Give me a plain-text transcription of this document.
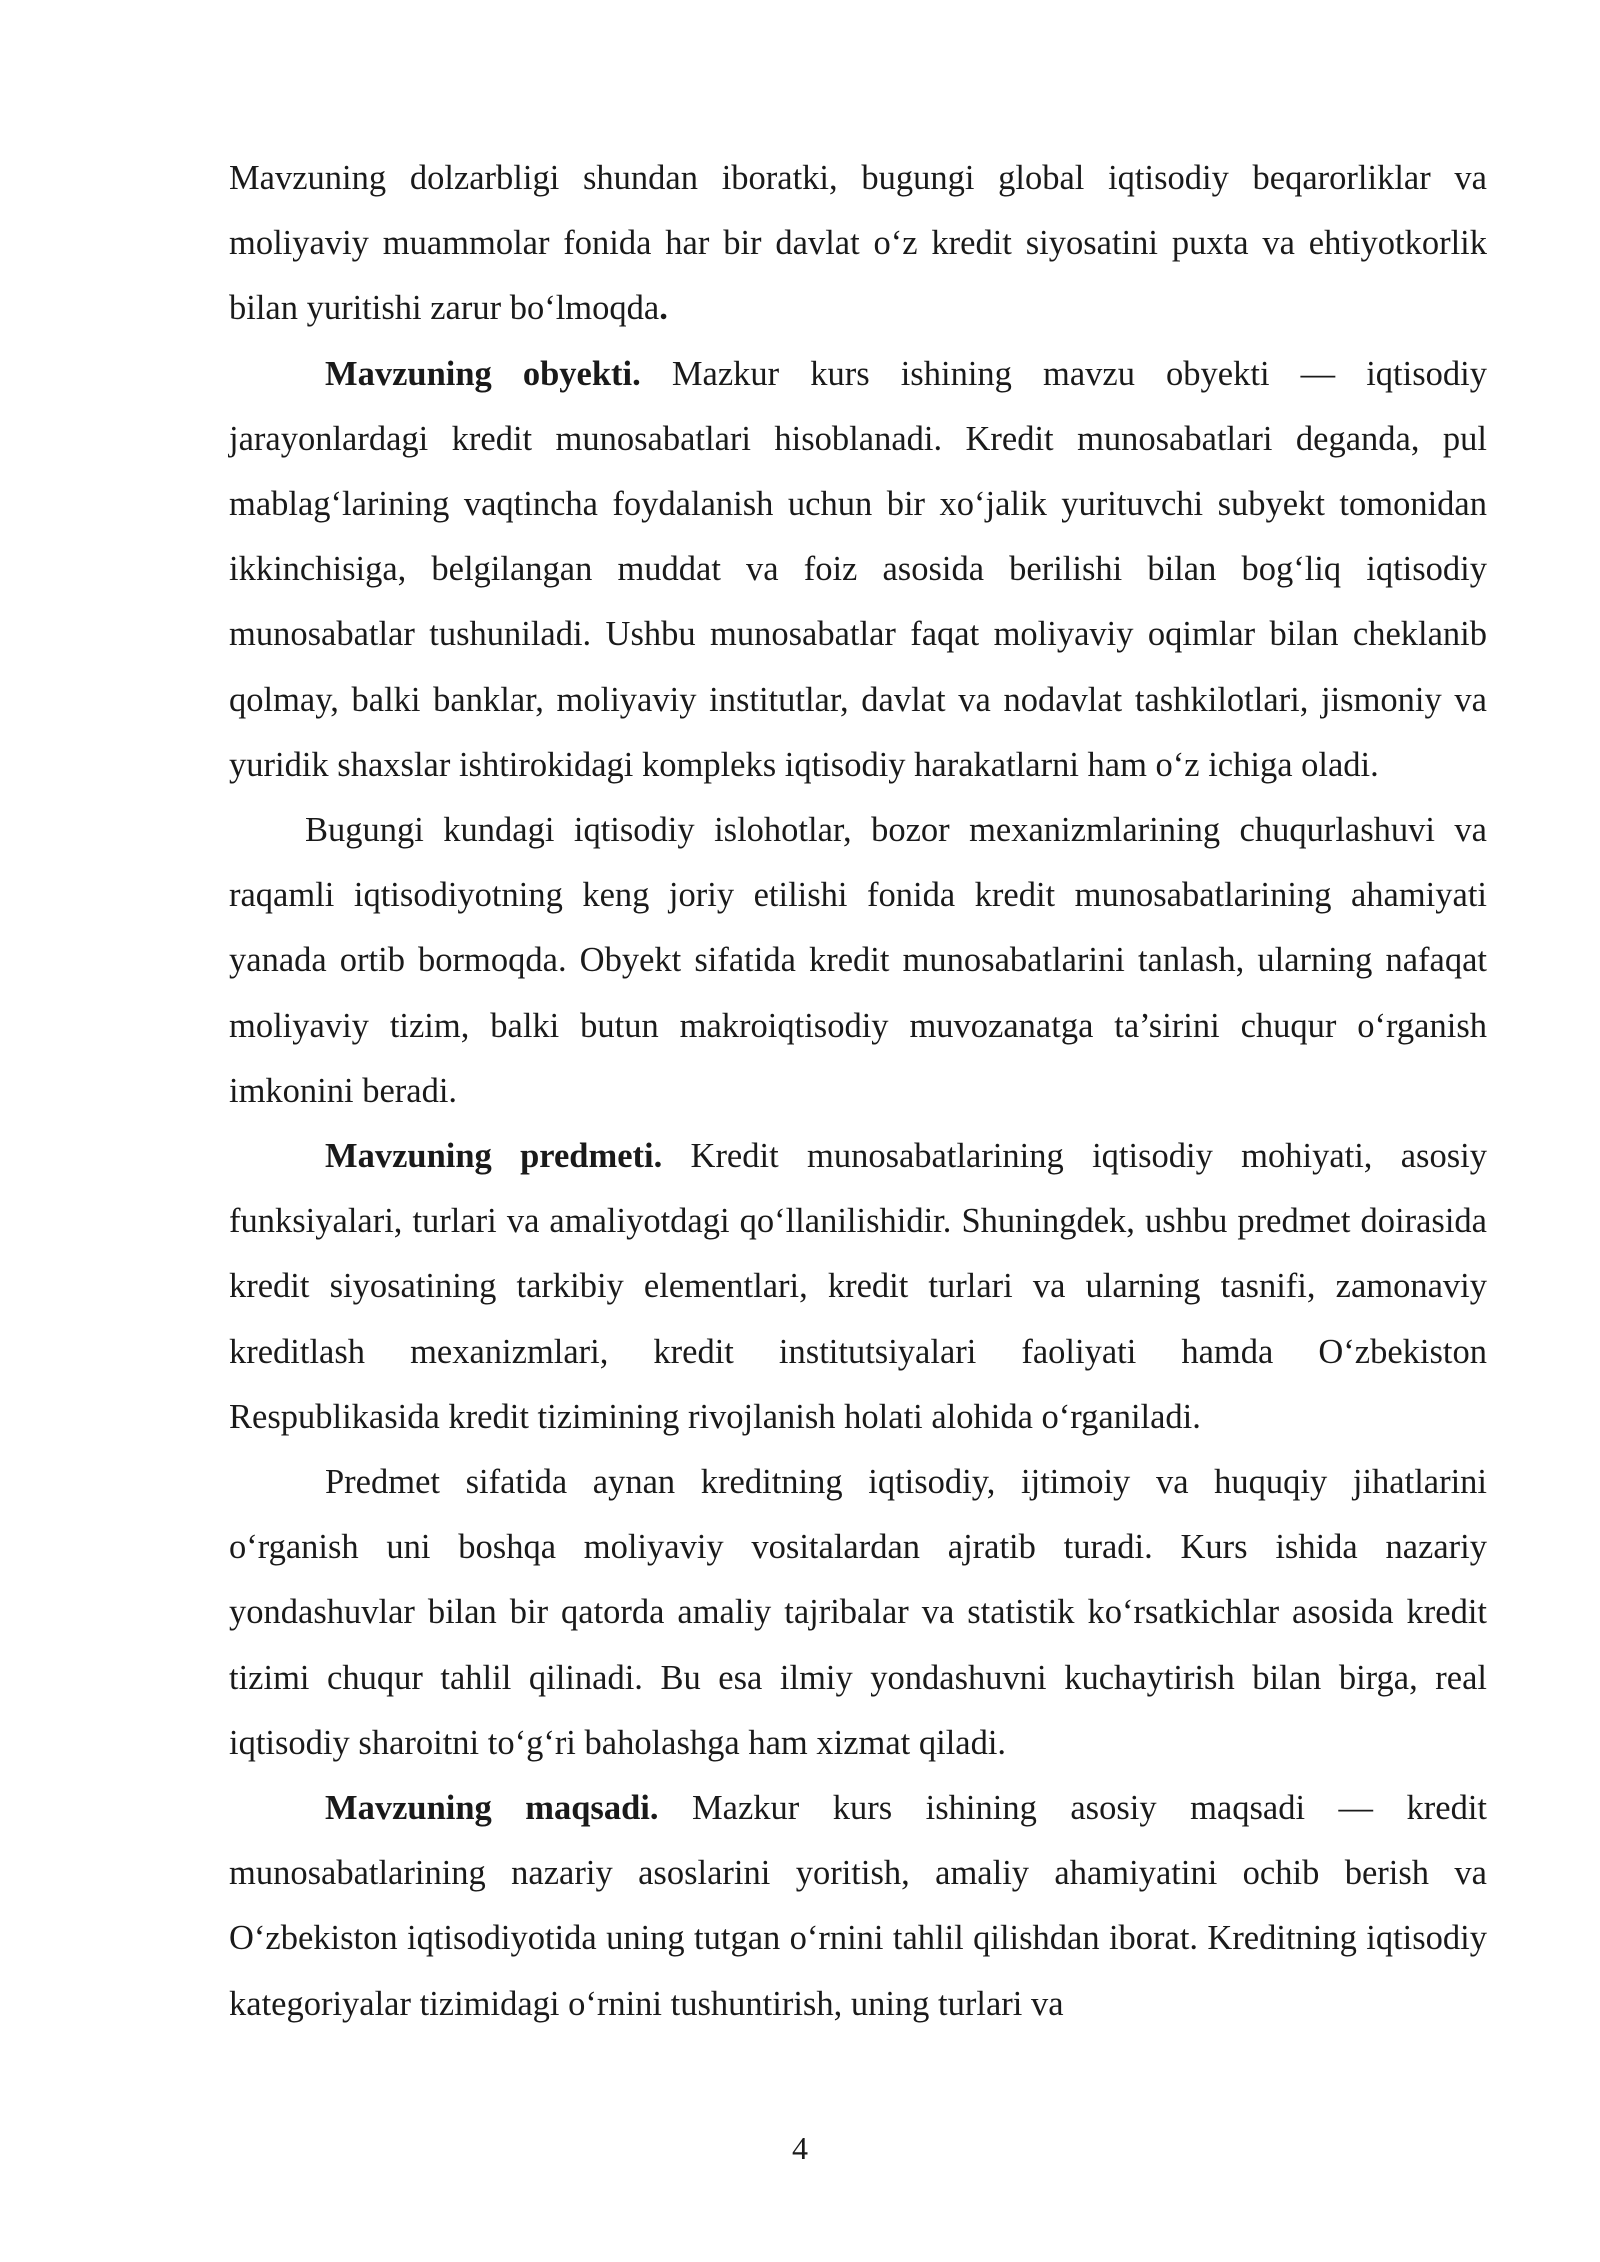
Mavzuning dolzarbligi shundan iboratki, bugungi global iqtisodiy beqarorliklar va moliyaviy muammolar fonida har bir davlat o‘z kredit siyosatini puxta va ehtiyotkorlik bilan yuritishi zarur bo‘lmoqda.

Mavzuning obyekti. Mazkur kurs ishining mavzu obyekti — iqtisodiy jarayonlardagi kredit munosabatlari hisoblanadi. Kredit munosabatlari deganda, pul mablag‘larining vaqtincha foydalanish uchun bir xo‘jalik yurituvchi subyekt tomonidan ikkinchisiga, belgilangan muddat va foiz asosida berilishi bilan bog‘liq iqtisodiy munosabatlar tushuniladi. Ushbu munosabatlar faqat moliyaviy oqimlar bilan cheklanib qolmay, balki banklar, moliyaviy institutlar, davlat va nodavlat tashkilotlari, jismoniy va yuridik shaxslar ishtirokidagi kompleks iqtisodiy harakatlarni ham o‘z ichiga oladi.

Bugungi kundagi iqtisodiy islohotlar, bozor mexanizmlarining chuqurlashuvi va raqamli iqtisodiyotning keng joriy etilishi fonida kredit munosabatlarining ahamiyati yanada ortib bormoqda. Obyekt sifatida kredit munosabatlarini tanlash, ularning nafaqat moliyaviy tizim, balki butun makroiqtisodiy muvozanatga ta’sirini chuqur o‘rganish imkonini beradi.

Mavzuning predmeti. Kredit munosabatlarining iqtisodiy mohiyati, asosiy funksiyalari, turlari va amaliyotdagi qo‘llanilishidir. Shuningdek, ushbu predmet doirasida kredit siyosatining tarkibiy elementlari, kredit turlari va ularning tasnifi, zamonaviy kreditlash mexanizmlari, kredit institutsiyalari faoliyati hamda O‘zbekiston Respublikasida kredit tizimining rivojlanish holati alohida o‘rganiladi.

Predmet sifatida aynan kreditning iqtisodiy, ijtimoiy va huquqiy jihatlarini o‘rganish uni boshqa moliyaviy vositalardan ajratib turadi. Kurs ishida nazariy yondashuvlar bilan bir qatorda amaliy tajribalar va statistik ko‘rsatkichlar asosida kredit tizimi chuqur tahlil qilinadi. Bu esa ilmiy yondashuvni kuchaytirish bilan birga, real iqtisodiy sharoitni to‘g‘ri baholashga ham xizmat qiladi.

Mavzuning maqsadi. Mazkur kurs ishining asosiy maqsadi — kredit munosabatlarining nazariy asoslarini yoritish, amaliy ahamiyatini ochib berish va O‘zbekiston iqtisodiyotida uning tutgan o‘rnini tahlil qilishdan iborat. Kreditning iqtisodiy kategoriyalar tizimidagi o‘rnini tushuntirish, uning turlari va

4
